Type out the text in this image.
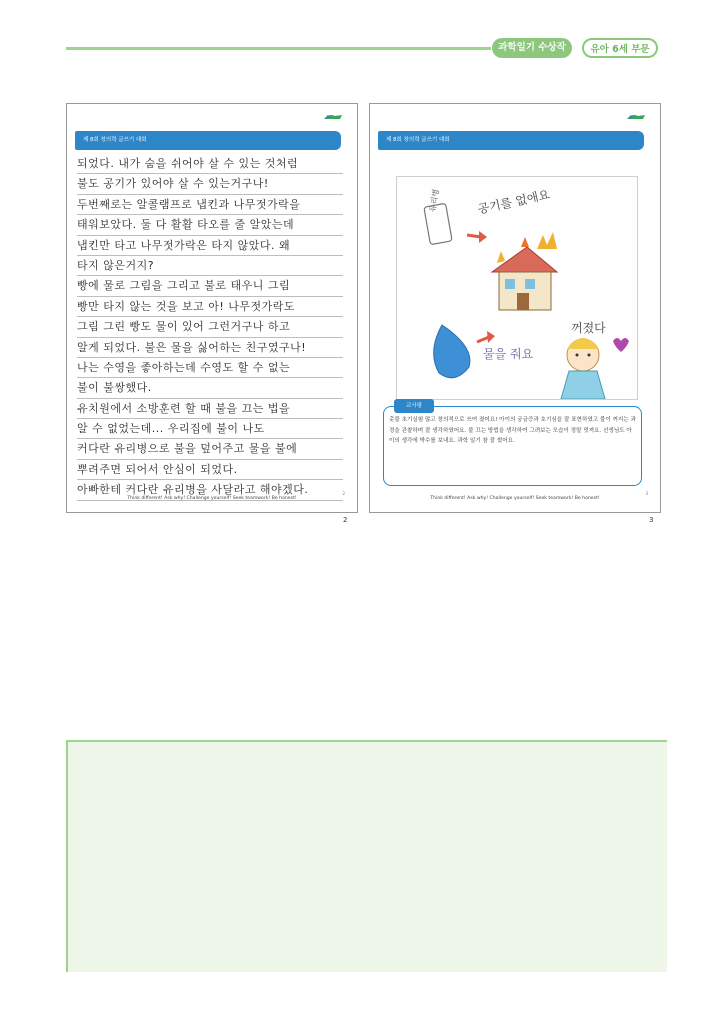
과학일기 수상작	유아 6세 부문
제 8회 창의력 글쓰기 대회
되었다. 내가 숨을 쉬어야 살 수 있는 것처럼
불도 공기가 있어야 살 수 있는거구나!
두번째로는 알콜램프로 냅킨과 나무젓가락을
태워보았다. 둘 다 활활 타오를 줄 알았는데
냅킨만 타고 나무젓가락은 타지 않았다. 왜
타지 않은거지?
빵에 물로 그림을 그리고 불로 태우니 그림
빵만 타지 않는 것을 보고 아! 나무젓가락도
그림 그린 빵도 물이 있어 그런거구나 하고
알게 되었다. 불은 물을 싫어하는 친구였구나!
나는 수영을 좋아하는데 수영도 할 수 없는
불이 불쌍했다.
유치원에서 소방훈련 할 때 불을 끄는 법을
알 수 없었는데... 우리집에 불이 나도
커다란 유리병으로 불을 덮어주고 물을 불에
뿌려주면 되어서 안심이 되었다.
아빠한테 커다란 유리병을 사달라고 해야겠다.	2
Think different! Ask why! Challenge yourself! Seek teamwork! Be honest!
2
제 8회 창의력 글쓰기 대회
유리병	공기를 없애요
꺼졌다
물을 줘요
교사평
촛불 초기실험 많고 창의적으로 쓰여 졌어요! 아이의 궁금증과 호기심을 잘 표현하였고 불이 꺼지는 과정을 관찰하며 잘 생각하였어요. 불 끄는 방법을 생각하여 그려보는 모습이 정말 멋져요. 선생님도 아이의 생각에 박수를 보내요. 과학 일기 참 잘 썼어요.
3
Think different! Ask why! Challenge yourself! Seek teamwork! Be honest!
3
